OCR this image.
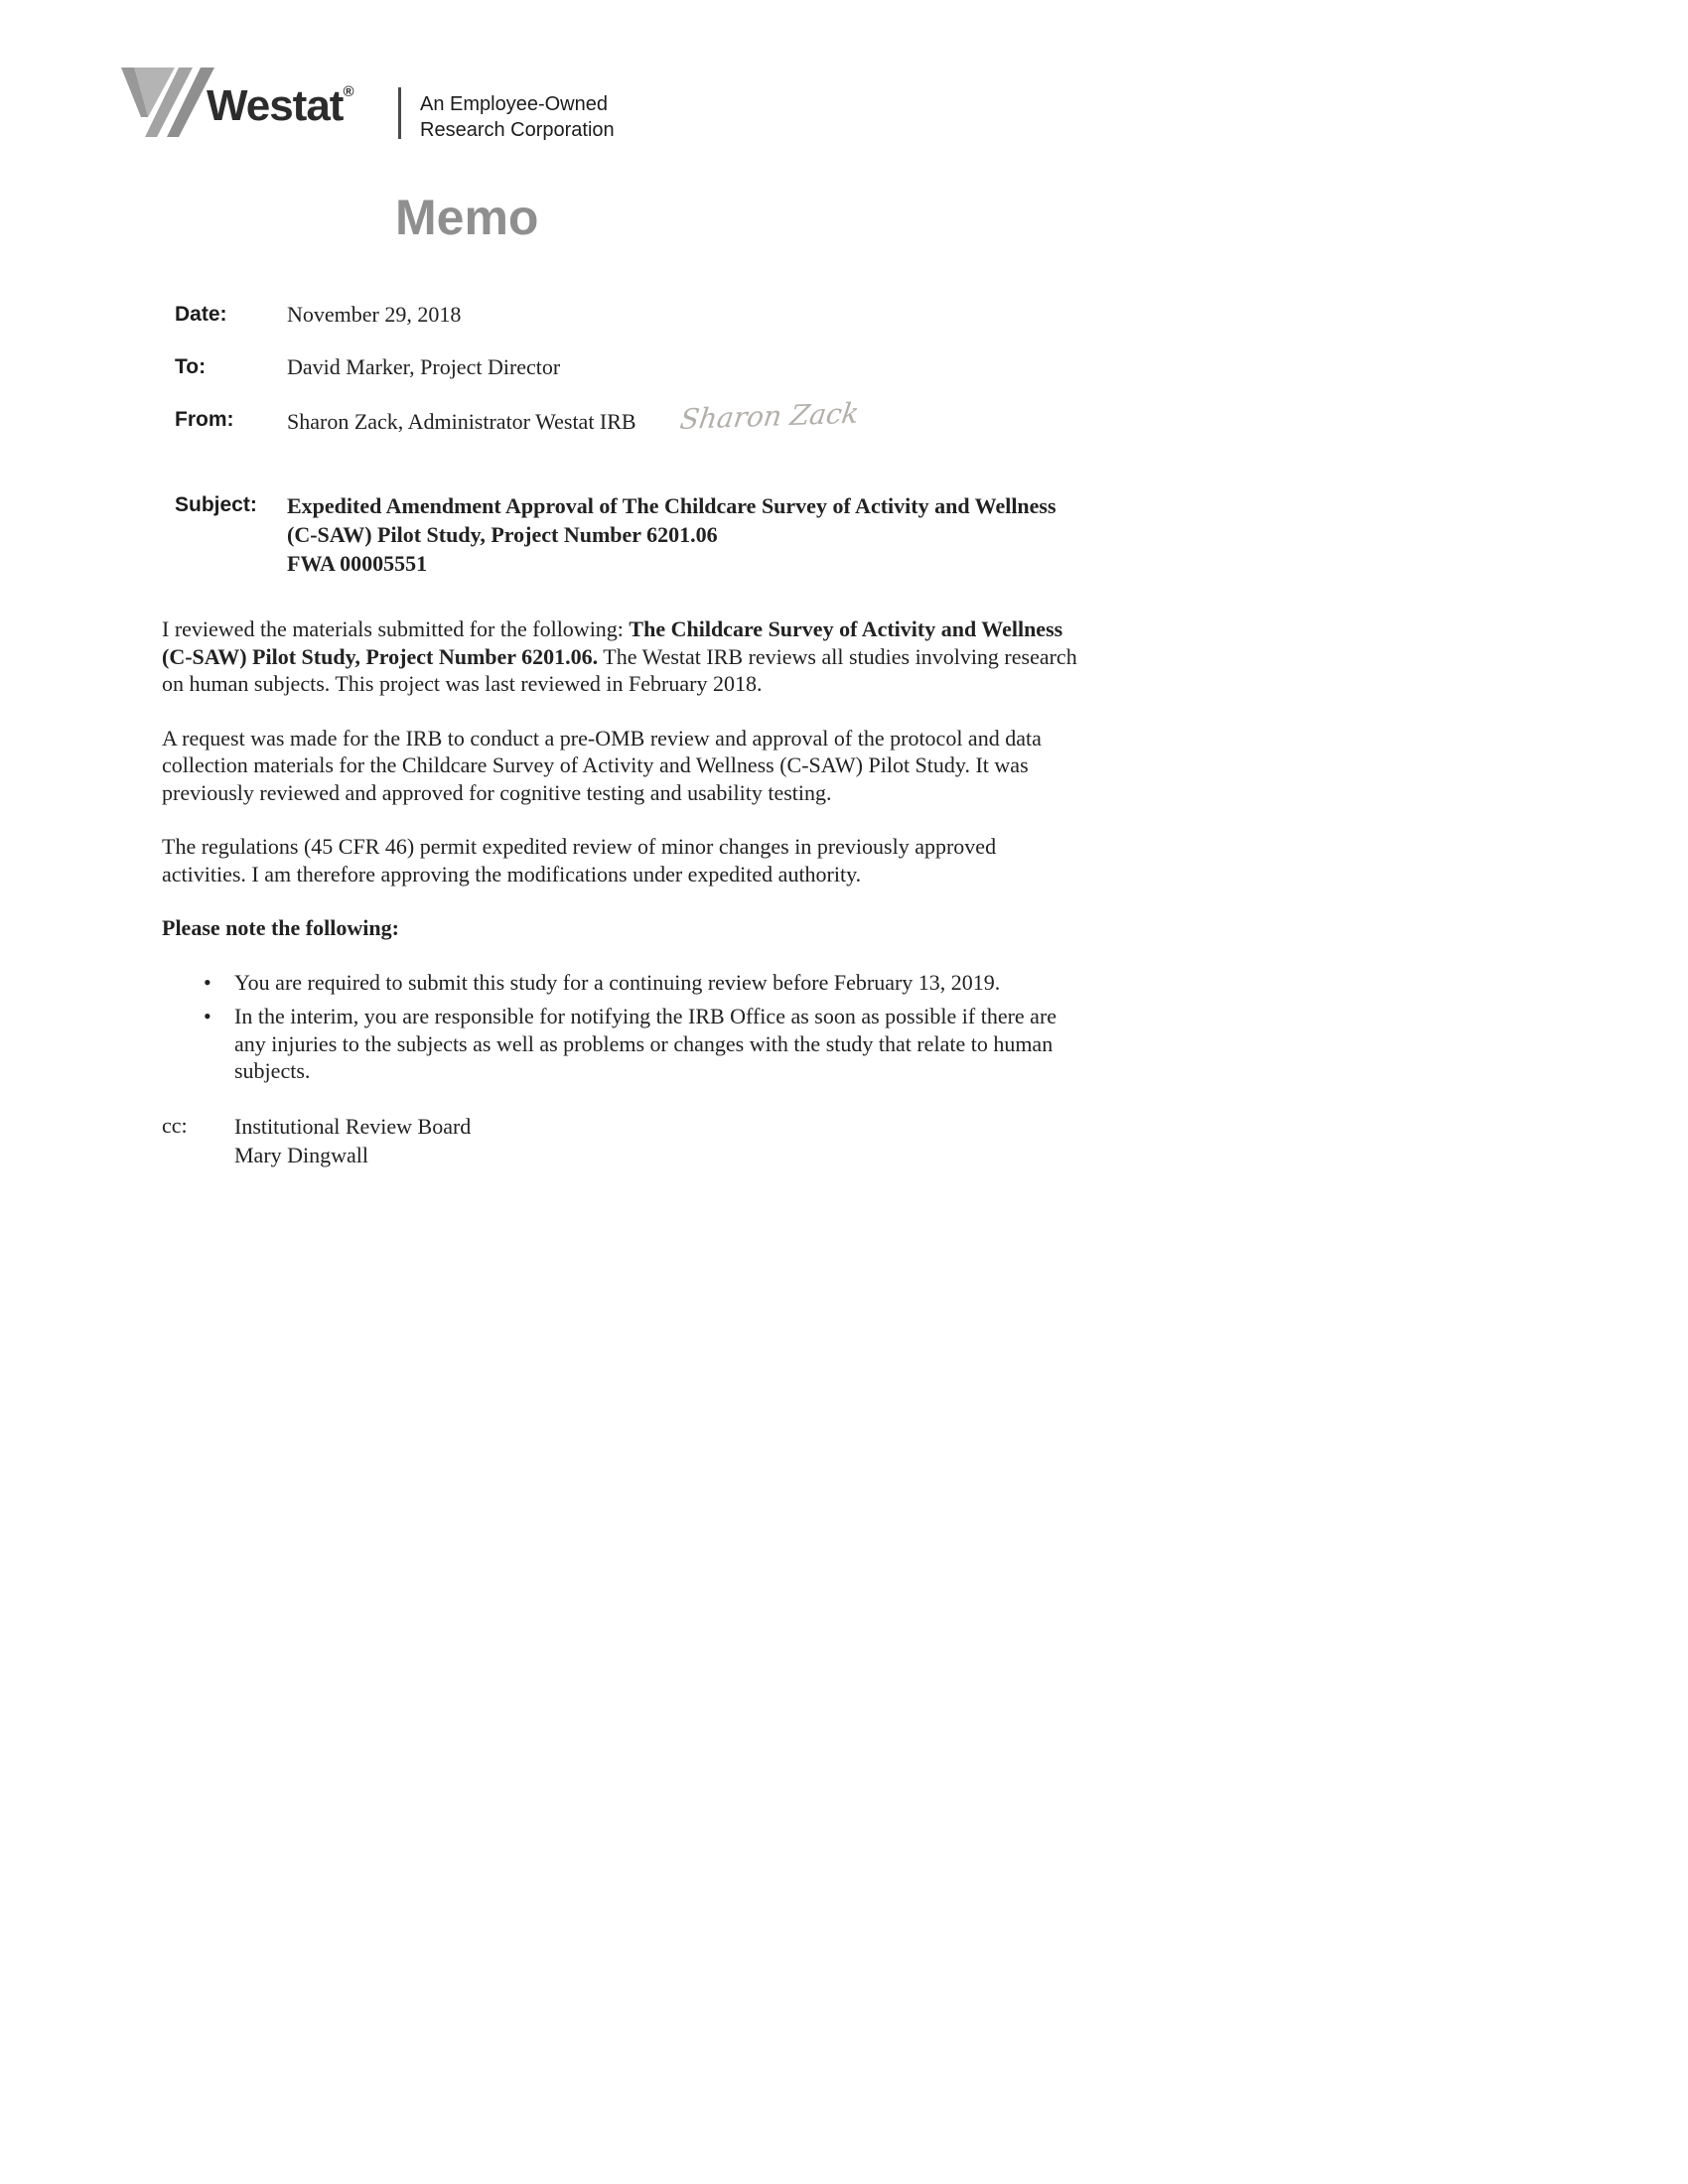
Westat®
An Employee-Owned
Research Corporation
Memo
Date:	November 29, 2018
To:	David Marker, Project Director
From:	Sharon Zack, Administrator Westat IRB Sharon Zack
Subject:	Expedited Amendment Approval of The Childcare Survey of Activity and Wellness (C-SAW) Pilot Study, Project Number 6201.06
FWA 00005551

I reviewed the materials submitted for the following: The Childcare Survey of Activity and Wellness (C-SAW) Pilot Study, Project Number 6201.06. The Westat IRB reviews all studies involving research on human subjects. This project was last reviewed in February 2018.

A request was made for the IRB to conduct a pre-OMB review and approval of the protocol and data collection materials for the Childcare Survey of Activity and Wellness (C-SAW) Pilot Study. It was previously reviewed and approved for cognitive testing and usability testing.

The regulations (45 CFR 46) permit expedited review of minor changes in previously approved activities. I am therefore approving the modifications under expedited authority.

Please note the following:

•	You are required to submit this study for a continuing review before February 13, 2019.
•	In the interim, you are responsible for notifying the IRB Office as soon as possible if there are any injuries to the subjects as well as problems or changes with the study that relate to human subjects.
cc:	Institutional Review Board
Mary Dingwall
